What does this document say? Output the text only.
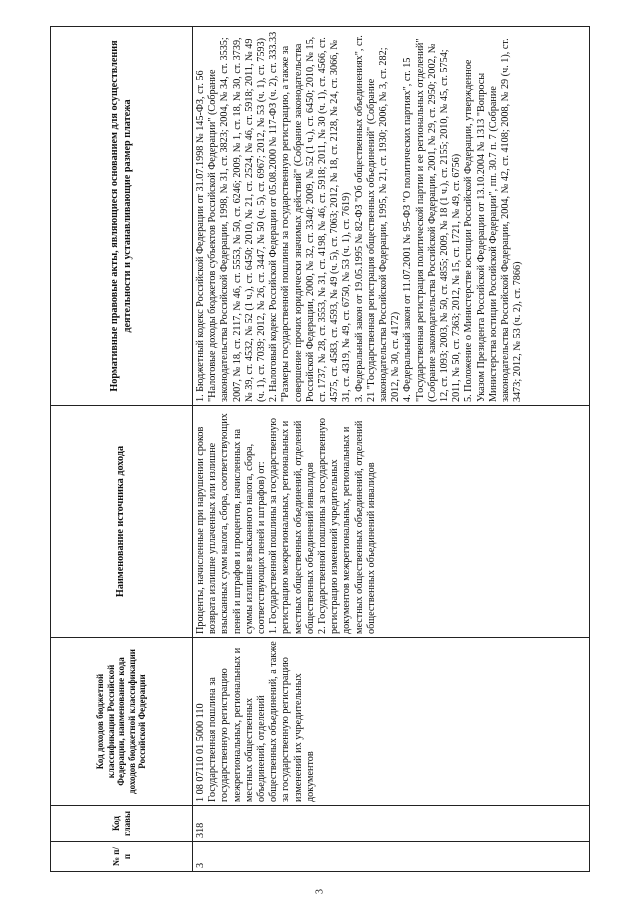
3
№ п/п
Код главы
Код доходов бюджетной классификации Российской Федерации, наименование кода доходов бюджетной классификации Российской Федерации
Наименование источника дохода
Нормативные правовые акты, являющиеся основанием для осуществления деятельности и устанавливающие размер платежа
3
318

1 08 07110 01 5000 110 Государственная пошлина за государственную регистрацию межрегиональных, региональных и местных общественных объединений, отделений общественных объединений, а также за государственную регистрацию изменений их учредительных документов

Проценты, начисленные при нарушении сроков возврата излишне уплаченных или излишне взысканных сумм налога, сбора, соответствующих пеней и штрафов и процентов, начисленных на суммы излишне взысканного налога, сбора, соответствующих пеней и штрафов) от: 1. Государственной пошлины за государственную регистрацию межрегиональных, региональных и местных общественных объединений, отделений общественных объединений инвалидов 2. Государственной пошлины за государственную регистрацию изменений учредительных документов межрегиональных, региональных и местных общественных объединений, отделений общественных объединений инвалидов

1. Бюджетный кодекс Российской Федерации от 31.07.1998 № 145-ФЗ, ст. 56 "Налоговые доходы бюджетов субъектов Российской Федерации" (Собрание законодательства Российской Федерации, 1998, № 31, ст. 3823; 2004, № 34, ст. 3535; 2007, № 18, ст. 2117, № 46, ст. 5553, № 50, ст. 6246; 2009, № 1, ст. 18, № 30, ст. 3739, № 39, ст. 4532, № 52 (1 ч.), ст. 6450; 2010, № 21, ст. 2524, № 46, ст. 5918; 2011, № 49 (ч. 1), ст. 7039; 2012, № 26, ст. 3447, № 50 (ч. 5), ст. 6967; 2012, № 53 (ч. 1), ст. 7593) 2. Налоговый кодекс Российской Федерации от 05.08.2000 № 117-ФЗ (ч. 2), ст. 333.33 "Размеры государственной пошлины за государственную регистрацию, а также за совершение прочих юридически значимых действий" (Собрание законодательства Российской Федерации, 2000, № 32, ст. 3340; 2009, № 52 (1 ч.), ст. 6450; 2010, № 15, ст. 1737, № 28, ст. 3553, № 31, ст. 4198, № 46, ст. 5918; 2011, № 30 (ч. 1), ст. 4566, ст. 4575, ст. 4583, ст. 4593, № 49 (ч. 5), ст. 7063; 2012, № 18, ст. 2128, № 24, ст. 3066, № 31, ст. 4319, № 49, ст. 6750, № 53 (ч. 1), ст. 7619) 3. Федеральный закон от 19.05.1995 № 82-ФЗ "Об общественных объединениях", ст. 21 "Государственная регистрация общественных объединений" (Собрание законодательства Российской Федерации, 1995, № 21, ст. 1930; 2006, № 3, ст. 282; 2012, № 30, ст. 4172) 4. Федеральный закон от 11.07.2001 № 95-ФЗ "О политических партиях", ст. 15 "Государственная регистрация политической партии и ее региональных отделений" (Собрание законодательства Российской Федерации, 2001, № 29, ст. 2950; 2002, № 12, ст. 1093; 2003, № 50, ст. 4855; 2009, № 18 (1 ч.), ст. 2155; 2010, № 45, ст. 5754; 2011, № 50, ст. 7363; 2012, № 15, ст. 1721, № 49, ст. 6756) 5. Положение о Министерстве юстиции Российской Федерации, утвержденное Указом Президента Российской Федерации от 13.10.2004 № 1313 "Вопросы Министерства юстиции Российской Федерации", пп. 30.7 п. 7 (Собрание законодательства Российской Федерации, 2004, № 42, ст. 4108; 2008, № 29 (ч. 1), ст. 3473; 2012, № 53 (ч. 2), ст. 7866)
